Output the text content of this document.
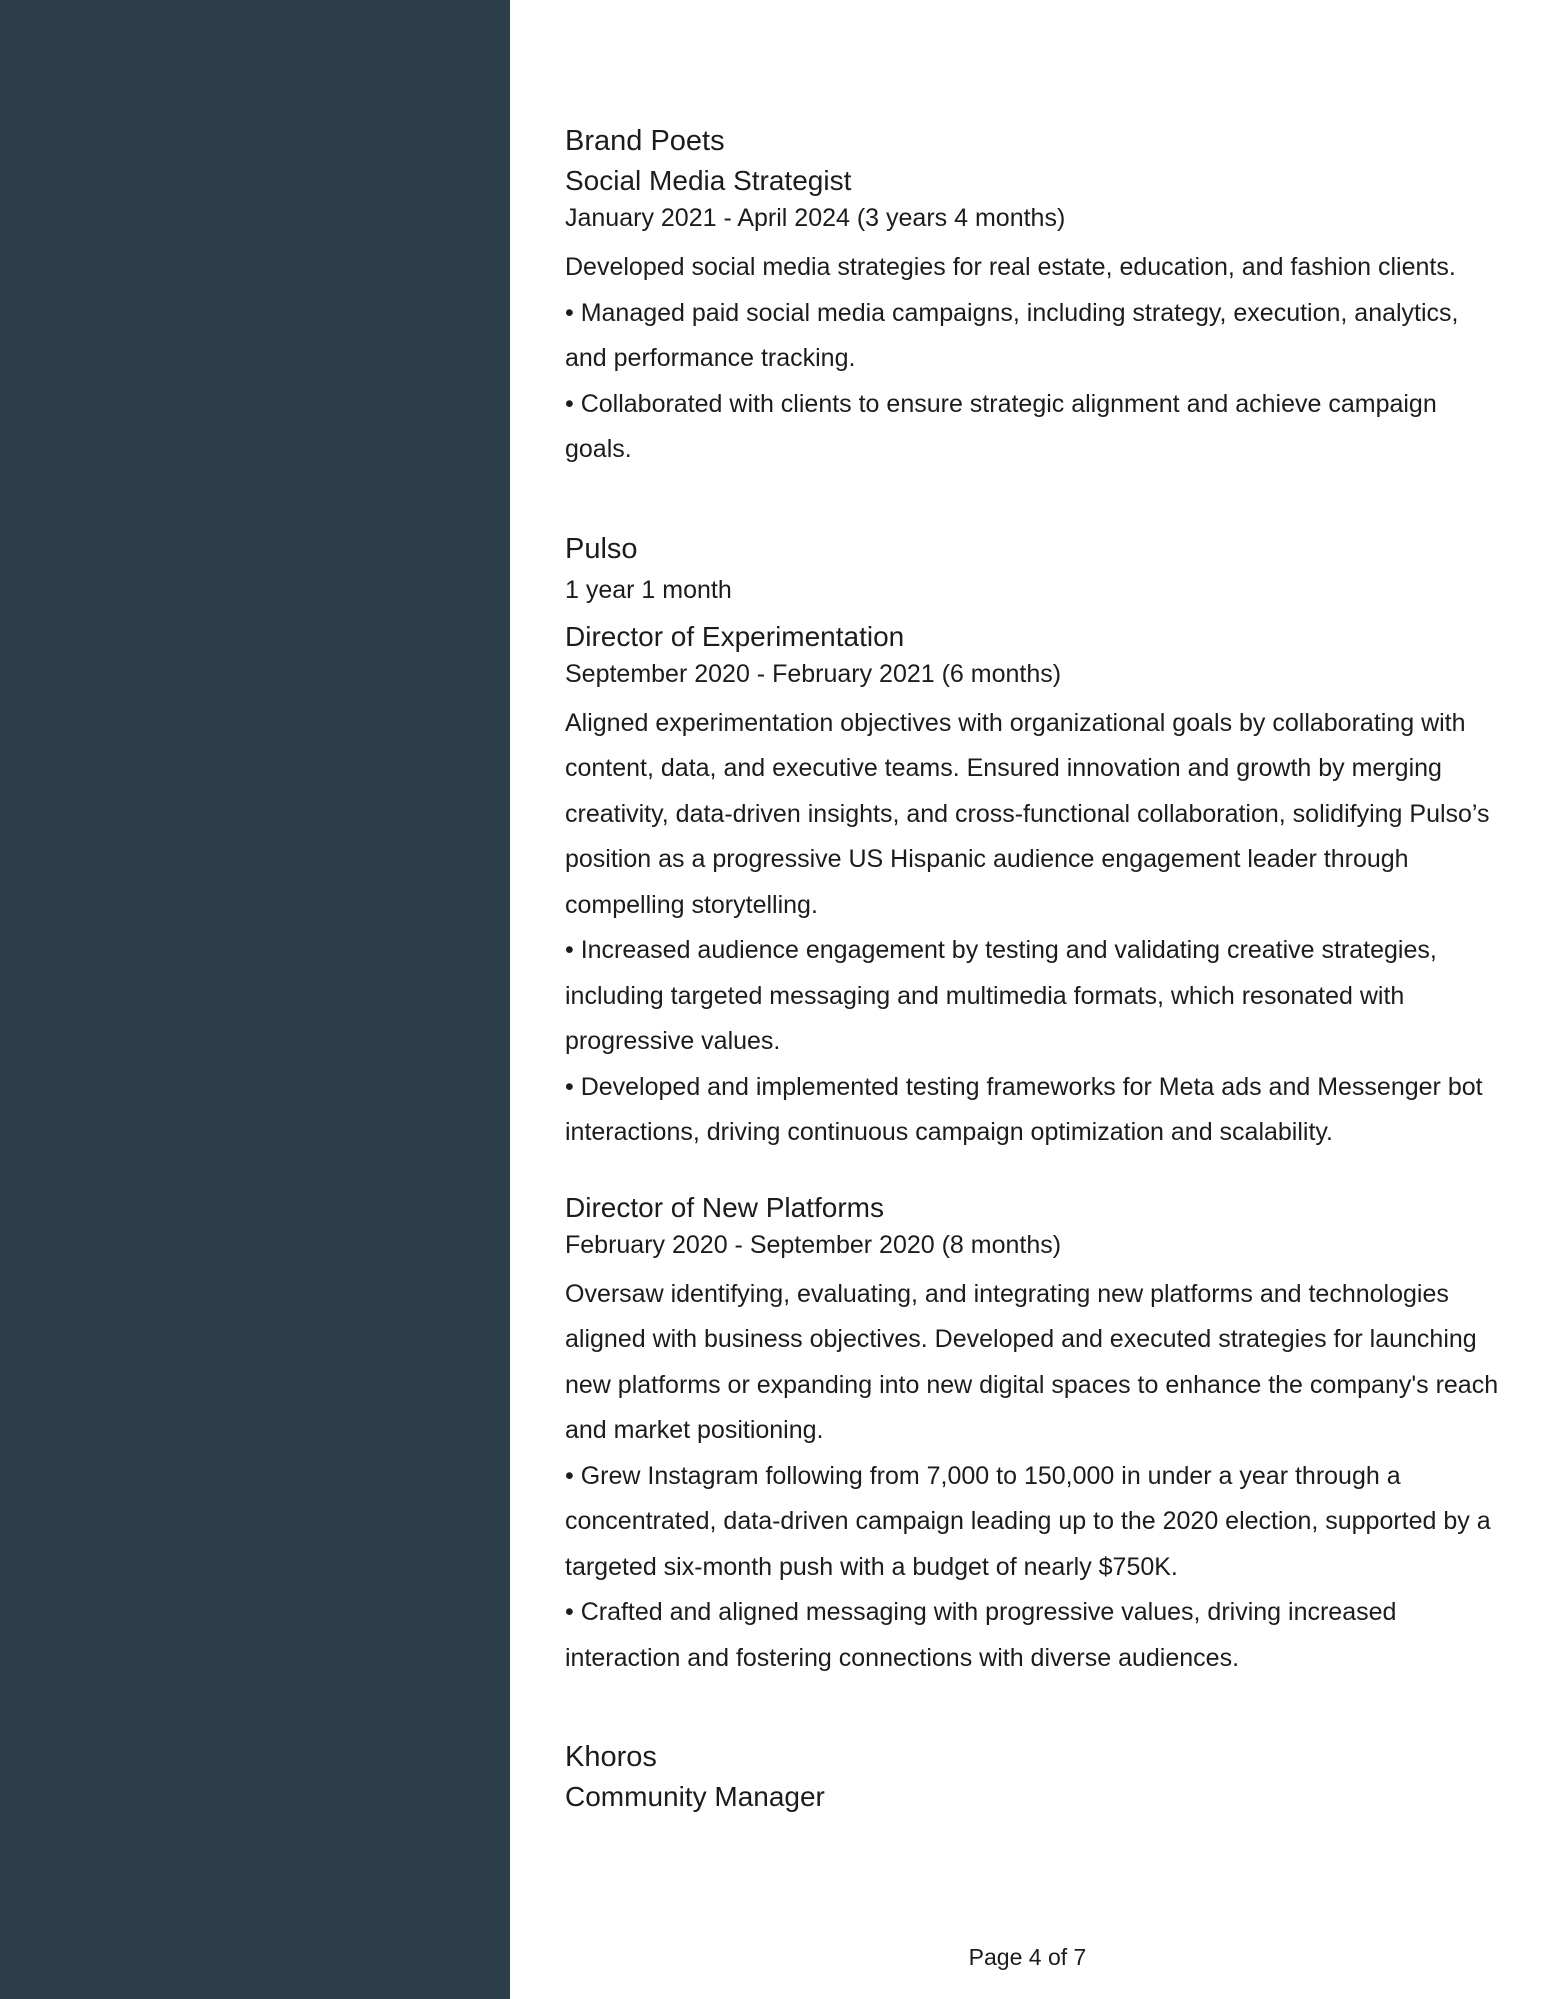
Brand Poets
Social Media Strategist
January 2021 - April 2024 (3 years 4 months)

Developed social media strategies for real estate, education, and fashion clients.

• Managed paid social media campaigns, including strategy, execution, analytics, and performance tracking.

• Collaborated with clients to ensure strategic alignment and achieve campaign goals.

Pulso
1 year 1 month
Director of Experimentation
September 2020 - February 2021 (6 months)

Aligned experimentation objectives with organizational goals by collaborating with content, data, and executive teams. Ensured innovation and growth by merging creativity, data-driven insights, and cross-functional collaboration, solidifying Pulso’s position as a progressive US Hispanic audience engagement leader through compelling storytelling.

• Increased audience engagement by testing and validating creative strategies, including targeted messaging and multimedia formats, which resonated with progressive values.

• Developed and implemented testing frameworks for Meta ads and Messenger bot interactions, driving continuous campaign optimization and scalability.

Director of New Platforms
February 2020 - September 2020 (8 months)

Oversaw identifying, evaluating, and integrating new platforms and technologies aligned with business objectives. Developed and executed strategies for launching new platforms or expanding into new digital spaces to enhance the company's reach and market positioning.

• Grew Instagram following from 7,000 to 150,000 in under a year through a concentrated, data-driven campaign leading up to the 2020 election, supported by a targeted six-month push with a budget of nearly $750K.

• Crafted and aligned messaging with progressive values, driving increased interaction and fostering connections with diverse audiences.

Khoros
Community Manager
Page 4 of 7
